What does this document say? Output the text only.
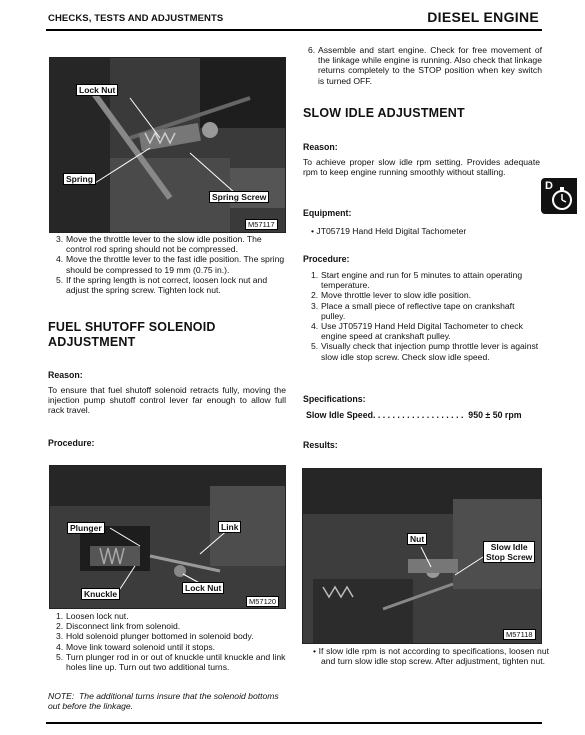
CHECKS, TESTS AND ADJUSTMENTS	DIESEL ENGINE
D
Lock Nut
Spring
Spring Screw
M57117
3. Move the throttle lever to the slow idle position. The control rod spring should not be compressed.
4. Move the throttle lever to the fast idle position. The spring should be compressed to 19 mm (0.75 in.).
5. If the spring length is not correct, loosen lock nut and adjust the spring screw. Tighten lock nut.
FUEL SHUTOFF SOLENOID
ADJUSTMENT
Reason:
To ensure that fuel shutoff solenoid retracts fully, moving the injection pump shutoff control lever far enough to allow full rack travel.
Procedure:
Plunger	Link
Knuckle
Lock Nut
M57120
1. Loosen lock nut.
2. Disconnect link from solenoid.
3. Hold solenoid plunger bottomed in solenoid body.
4. Move link toward solenoid until it stops.
5. Turn plunger rod in or out of knuckle until knuckle and link holes line up. Turn out two additional turns.
NOTE: The additional turns insure that the solenoid bottoms out before the linkage.
6. Assemble and start engine. Check for free movement of the linkage while engine is running. Also check that linkage returns completely to the STOP position when key switch is turned OFF.
SLOW IDLE ADJUSTMENT
Reason:
To achieve proper slow idle rpm setting. Provides adequate rpm to keep engine running smoothly without stalling.
Equipment:
• JT05719 Hand Held Digital Tachometer
Procedure:
1. Start engine and run for 5 minutes to attain operating temperature.
2. Move throttle lever to slow idle position.
3. Place a small piece of reflective tape on crankshaft pulley.
4. Use JT05719 Hand Held Digital Tachometer to check engine speed at crankshaft pulley.
5. Visually check that injection pump throttle lever is against slow idle stop screw. Check slow idle speed.
Specifications:
Slow Idle Speed. . . . . . . . . . . . . . . . . . . 950 ± 50 rpm
Results:
Nut
Slow Idle
Stop Screw
M57118
• If slow idle rpm is not according to specifications, loosen nut and turn slow idle stop screw. After adjustment, tighten nut.
